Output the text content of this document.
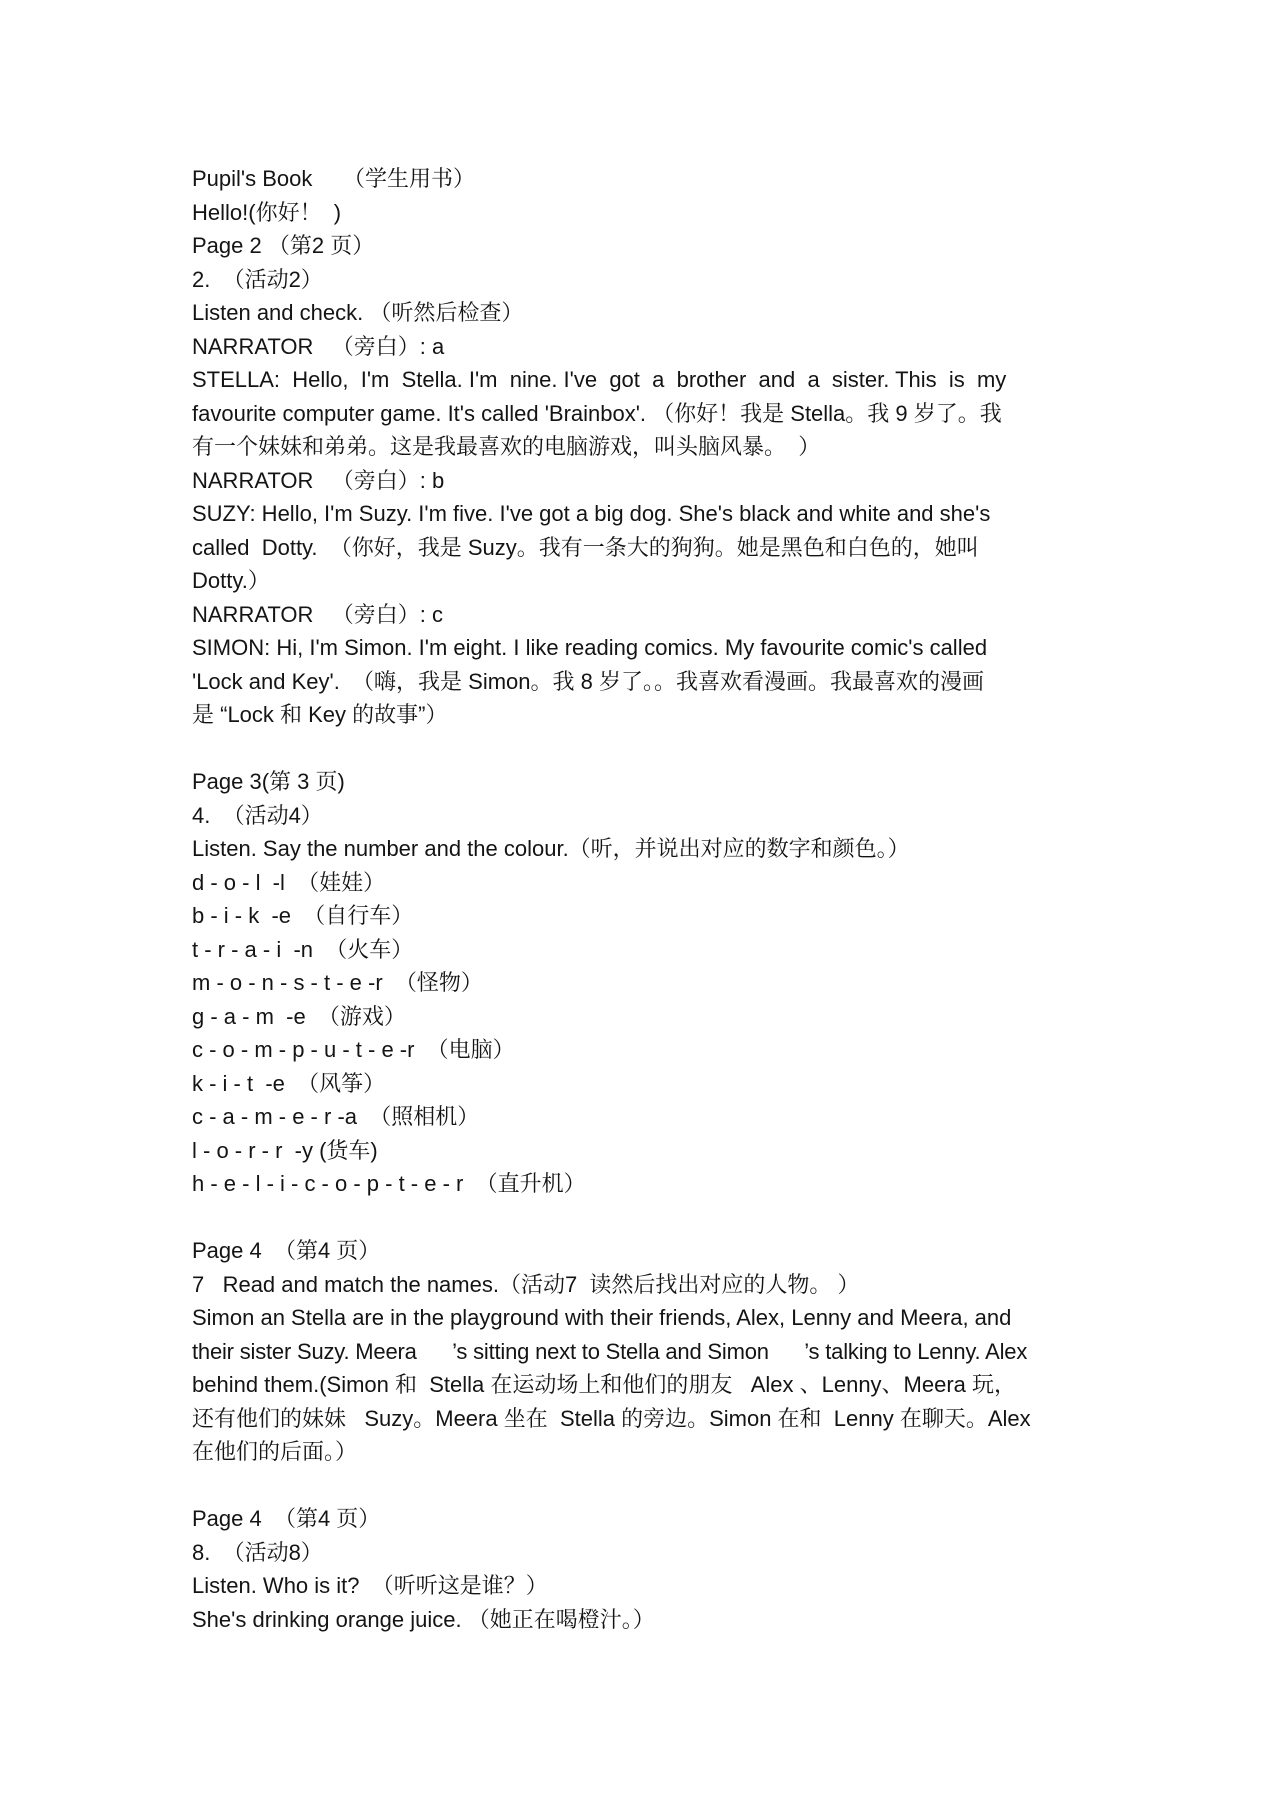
Pupil's Book     （学生用书）
Hello!(你好！  )
Page 2 （第2 页）
2.  （活动2）
Listen and check. （听然后检查）
NARRATOR   （旁白）: a
STELLA:  Hello,  I'm  Stella. I'm  nine. I've  got  a  brother  and  a  sister. This  is  my
favourite computer game. It's called 'Brainbox'. （你好！我是 Stella。我 9 岁了。我
有一个妹妹和弟弟。这是我最喜欢的电脑游戏，叫头脑风暴。  ）
NARRATOR   （旁白）: b
SUZY: Hello, I'm Suzy. I'm five. I've got a big dog. She's black and white and she's
called  Dotty.  （你好，我是 Suzy。我有一条大的狗狗。她是黑色和白色的，她叫
Dotty.）
NARRATOR   （旁白）: c
SIMON: Hi, I'm Simon. I'm eight. I like reading comics. My favourite comic's called
'Lock and Key'.  （嗨，我是 Simon。我 8 岁了。。我喜欢看漫画。我最喜欢的漫画
是 “Lock 和 Key 的故事”）
Page 3(第 3 页)
4.  （活动4）
Listen. Say the number and the colour.（听，并说出对应的数字和颜色。）
d - o - l  -l  （娃娃）
b - i - k  -e  （自行车）
t - r - a - i  -n  （火车）
m - o - n - s - t - e -r  （怪物）
g - a - m  -e  （游戏）
c - o - m - p - u - t - e -r  （电脑）
k - i - t  -e  （风筝）
c - a - m - e - r -a  （照相机）
l - o - r - r  -y (货车)
h - e - l - i - c - o - p - t - e - r  （直升机）
Page 4  （第4 页）
7   Read and match the names.（活动7  读然后找出对应的人物。 ）
Simon an Stella are in the playground with their friends, Alex, Lenny and Meera, and
their sister Suzy. Meera      ’s sitting next to Stella and Simon      ’s talking to Lenny. Alex
behind them.(Simon 和  Stella 在运动场上和他们的朋友   Alex 、Lenny、Meera 玩，
还有他们的妹妹   Suzy。Meera 坐在  Stella 的旁边。Simon 在和  Lenny 在聊天。Alex
在他们的后面。）
Page 4  （第4 页）
8.  （活动8）
Listen. Who is it?  （听听这是谁？）
She's drinking orange juice. （她正在喝橙汁。）
